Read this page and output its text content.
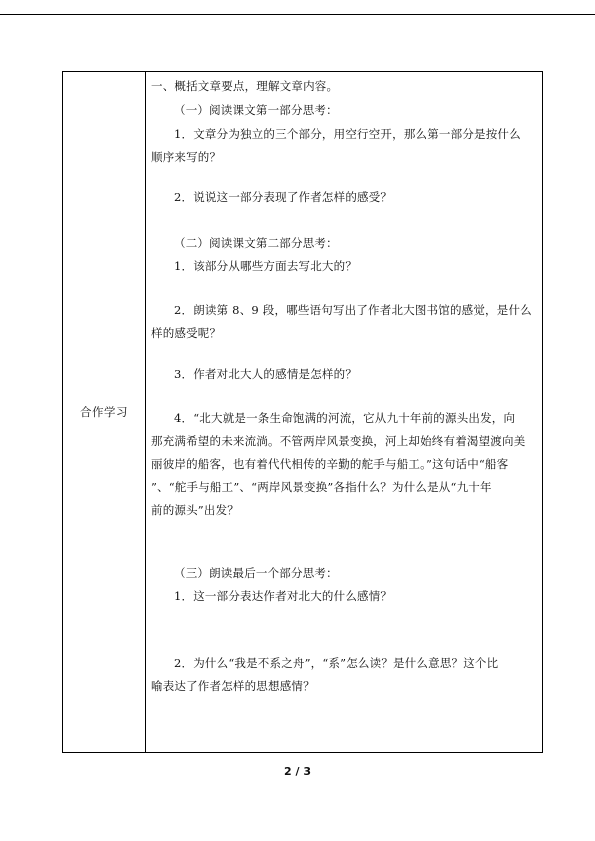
合作学习
一、概括文章要点，理解文章内容。
（一）阅读课文第一部分思考：
1．文章分为独立的三个部分，用空行空开，那么第一部分是按什么
顺序来写的？
2．说说这一部分表现了作者怎样的感受？
（二）阅读课文第二部分思考：
1．该部分从哪些方面去写北大的？
2．朗读第 8、9 段，哪些语句写出了作者北大图书馆的感觉，是什么
样的感受呢？
3．作者对北大人的感情是怎样的？
4．“北大就是一条生命饱满的河流，它从九十年前的源头出发，向
那充满希望的未来流淌。不管两岸风景变换，河上却始终有着渴望渡向美
丽彼岸的船客，也有着代代相传的辛勤的舵手与船工。”这句话中“船客
”、“舵手与船工”、“两岸风景变换”各指什么？为什么是从“九十年
前的源头”出发？
（三）朗读最后一个部分思考：
1．这一部分表达作者对北大的什么感情？
2．为什么“我是不系之舟”，“系”怎么读？是什么意思？这个比
喻表达了作者怎样的思想感情？
2 / 3
